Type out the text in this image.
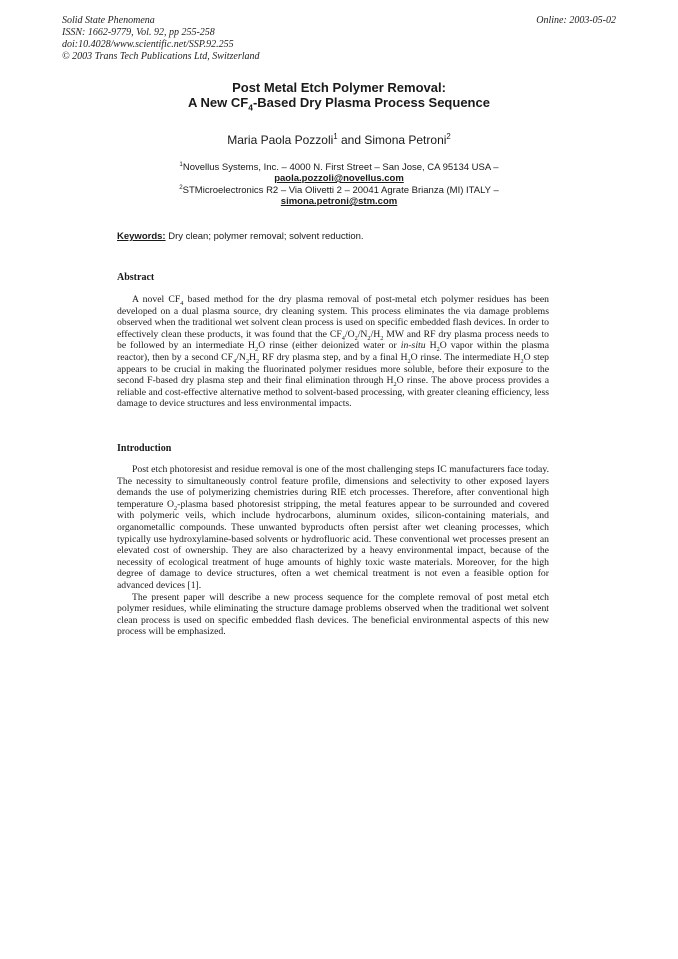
Solid State Phenomena
ISSN: 1662-9779, Vol. 92, pp 255-258
doi:10.4028/www.scientific.net/SSP.92.255
© 2003 Trans Tech Publications Ltd, Switzerland
Online: 2003-05-02
Post Metal Etch Polymer Removal:
A New $CF_4$-Based Dry Plasma Process Sequence
Maria Paola Pozzoli$^1$ and Simona Petroni$^2$
$^1$Novellus Systems, Inc. – 4000 N. First Street – San Jose, CA 95134 USA –
paola.pozzoli@novellus.com
$^2$STMicroelectronics R2 – Via Olivetti 2 – 20041 Agrate Brianza (MI) ITALY –
simona.petroni@stm.com
Keywords: Dry clean; polymer removal; solvent reduction.
Abstract

A novel $CF_4$ based method for the dry plasma removal of post-metal etch polymer residues has been developed on a dual plasma source, dry cleaning system. This process eliminates the via damage problems observed when the traditional wet solvent clean process is used on specific embedded flash devices. In order to effectively clean these products, it was found that the $CF_4/O_2/N_2/H_2$ MW and RF dry plasma process needs to be followed by an intermediate $H_2O$ rinse (either deionized water or in-situ $H_2O$ vapor within the plasma reactor), then by a second $CF_4/N_2H_2$ RF dry plasma step, and by a final $H_2O$ rinse. The intermediate $H_2O$ step appears to be crucial in making the fluorinated polymer residues more soluble, before their exposure to the second F-based dry plasma step and their final elimination through $H_2O$ rinse. The above process provides a reliable and cost-effective alternative method to solvent-based processing, with greater cleaning efficiency, less damage to device structures and less environmental impacts.

Introduction

Post etch photoresist and residue removal is one of the most challenging steps IC manufacturers face today. The necessity to simultaneously control feature profile, dimensions and selectivity to other exposed layers demands the use of polymerizing chemistries during RIE etch processes. Therefore, after conventional high temperature $O_2$-plasma based photoresist stripping, the metal features appear to be surrounded and covered with polymeric veils, which include hydrocarbons, aluminum oxides, silicon-containing materials, and organometallic compounds. These unwanted byproducts often persist after wet cleaning processes, which typically use hydroxylamine-based solvents or hydrofluoric acid. These conventional wet processes present an elevated cost of ownership. They are also characterized by a heavy environmental impact, because of the necessity of ecological treatment of huge amounts of highly toxic waste materials. Moreover, for the high degree of damage to device structures, often a wet chemical treatment is not even a feasible option for advanced devices [1].

The present paper will describe a new process sequence for the complete removal of post metal etch polymer residues, while eliminating the structure damage problems observed when the traditional wet solvent clean process is used on specific embedded flash devices. The beneficial environmental aspects of this new process will be emphasized.
